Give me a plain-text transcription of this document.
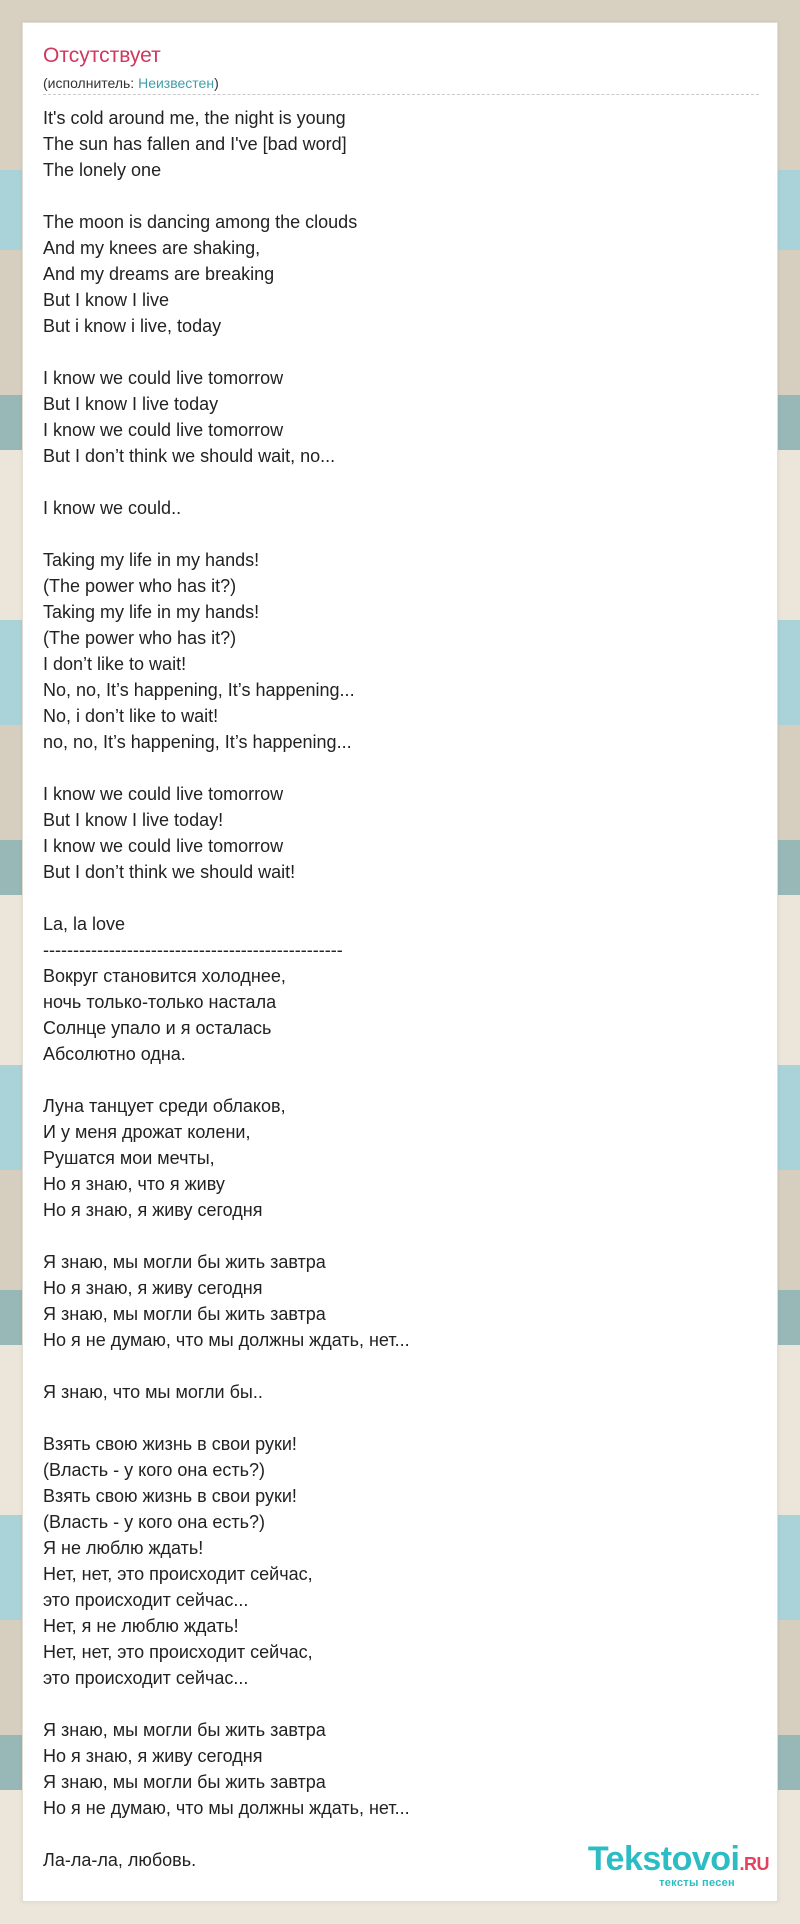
Отсутствует
(исполнитель: Неизвестен)
It's cold around me, the night is young
The sun has fallen and I've [bad word]
The lonely one
The moon is dancing among the clouds
And my knees are shaking,
And my dreams are breaking
But I know I live
But i know i live, today
I know we could live tomorrow
But I know I live today
I know we could live tomorrow
But I don’t think we should wait, no...
I know we could..
Taking my life in my hands!
(The power who has it?)
Taking my life in my hands!
(The power who has it?)
I don’t like to wait!
No, no, It’s happening, It’s happening...
No, i don’t like to wait!
no, no, It’s happening, It’s happening...
I know we could live tomorrow
But I know I live today!
I know we could live tomorrow
But I don’t think we should wait!
La, la love
--------------------------------------------------
Вокруг становится холоднее,
ночь только-только настала
Солнце упало и я осталась
Абсолютно одна.
Луна танцует среди облаков,
И у меня дрожат колени,
Рушатся мои мечты,
Но я знаю, что я живу
Но я знаю, я живу сегодня
Я знаю, мы могли бы жить завтра
Но я знаю, я живу сегодня
Я знаю, мы могли бы жить завтра
Но я не думаю, что мы должны ждать, нет...
Я знаю, что мы могли бы..
Взять свою жизнь в свои руки!
(Власть - у кого она есть?)
Взять свою жизнь в свои руки!
(Власть - у кого она есть?)
Я не люблю ждать!
Нет, нет, это происходит сейчас,
это происходит сейчас...
Нет, я не люблю ждать!
Нет, нет, это происходит сейчас,
это происходит сейчас...
Я знаю, мы могли бы жить завтра
Но я знаю, я живу сегодня
Я знаю, мы могли бы жить завтра
Но я не думаю, что мы должны ждать, нет...
Ла-ла-ла, любовь.	Tekstovoi.RU
тексты песен
